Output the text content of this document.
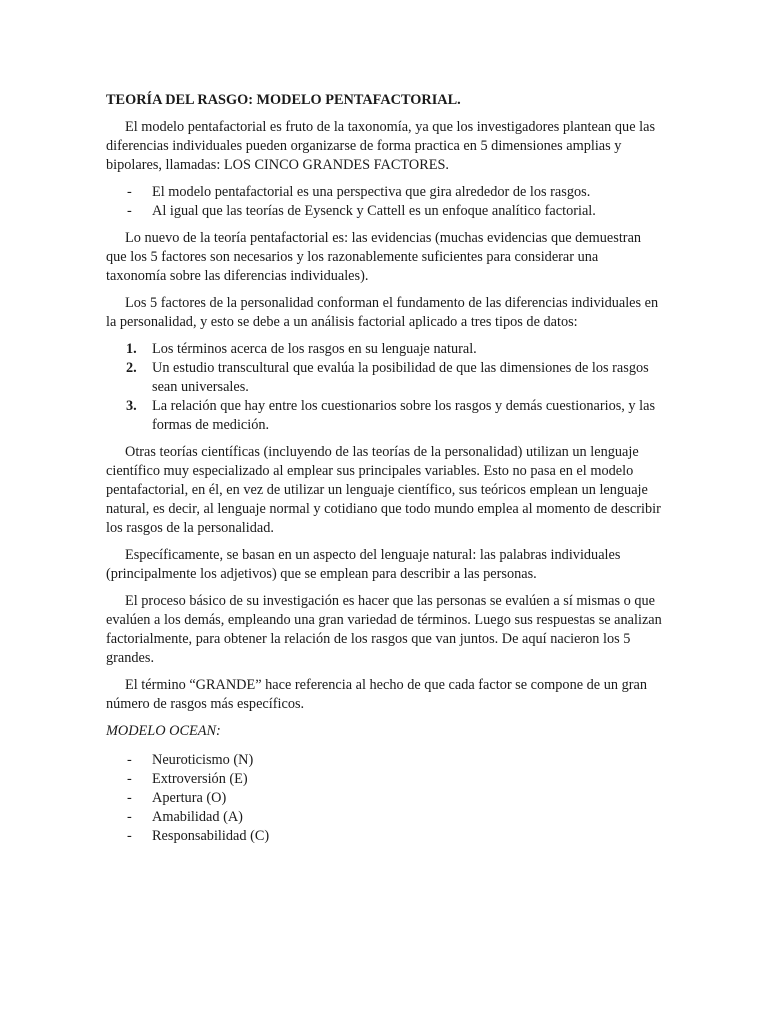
TEORÍA DEL RASGO: MODELO PENTAFACTORIAL.

El modelo pentafactorial es fruto de la taxonomía, ya que los investigadores plantean que las diferencias individuales pueden organizarse de forma practica en 5 dimensiones amplias y bipolares, llamadas: LOS CINCO GRANDES FACTORES.

- El modelo pentafactorial es una perspectiva que gira alrededor de los rasgos.
- Al igual que las teorías de Eysenck y Cattell es un enfoque analítico factorial.

Lo nuevo de la teoría pentafactorial es: las evidencias (muchas evidencias que demuestran que los 5 factores son necesarios y los razonablemente suficientes para considerar una taxonomía sobre las diferencias individuales).

Los 5 factores de la personalidad conforman el fundamento de las diferencias individuales en la personalidad, y esto se debe a un análisis factorial aplicado a tres tipos de datos:

1. Los términos acerca de los rasgos en su lenguaje natural.
2. Un estudio transcultural que evalúa la posibilidad de que las dimensiones de los rasgos sean universales.
3. La relación que hay entre los cuestionarios sobre los rasgos y demás cuestionarios, y las formas de medición.

Otras teorías científicas (incluyendo de las teorías de la personalidad) utilizan un lenguaje científico muy especializado al emplear sus principales variables. Esto no pasa en el modelo pentafactorial, en él, en vez de utilizar un lenguaje científico, sus teóricos emplean un lenguaje natural, es decir, al lenguaje normal y cotidiano que todo mundo emplea al momento de describir los rasgos de la personalidad.

Específicamente, se basan en un aspecto del lenguaje natural: las palabras individuales (principalmente los adjetivos) que se emplean para describir a las personas.

El proceso básico de su investigación es hacer que las personas se evalúen a sí mismas o que evalúen a los demás, empleando una gran variedad de términos. Luego sus respuestas se analizan factorialmente, para obtener la relación de los rasgos que van juntos. De aquí nacieron los 5 grandes.

El término “GRANDE” hace referencia al hecho de que cada factor se compone de un gran número de rasgos más específicos.

MODELO OCEAN:
- Neuroticismo (N)
- Extroversión (E)
- Apertura (O)
- Amabilidad (A)
- Responsabilidad (C)
